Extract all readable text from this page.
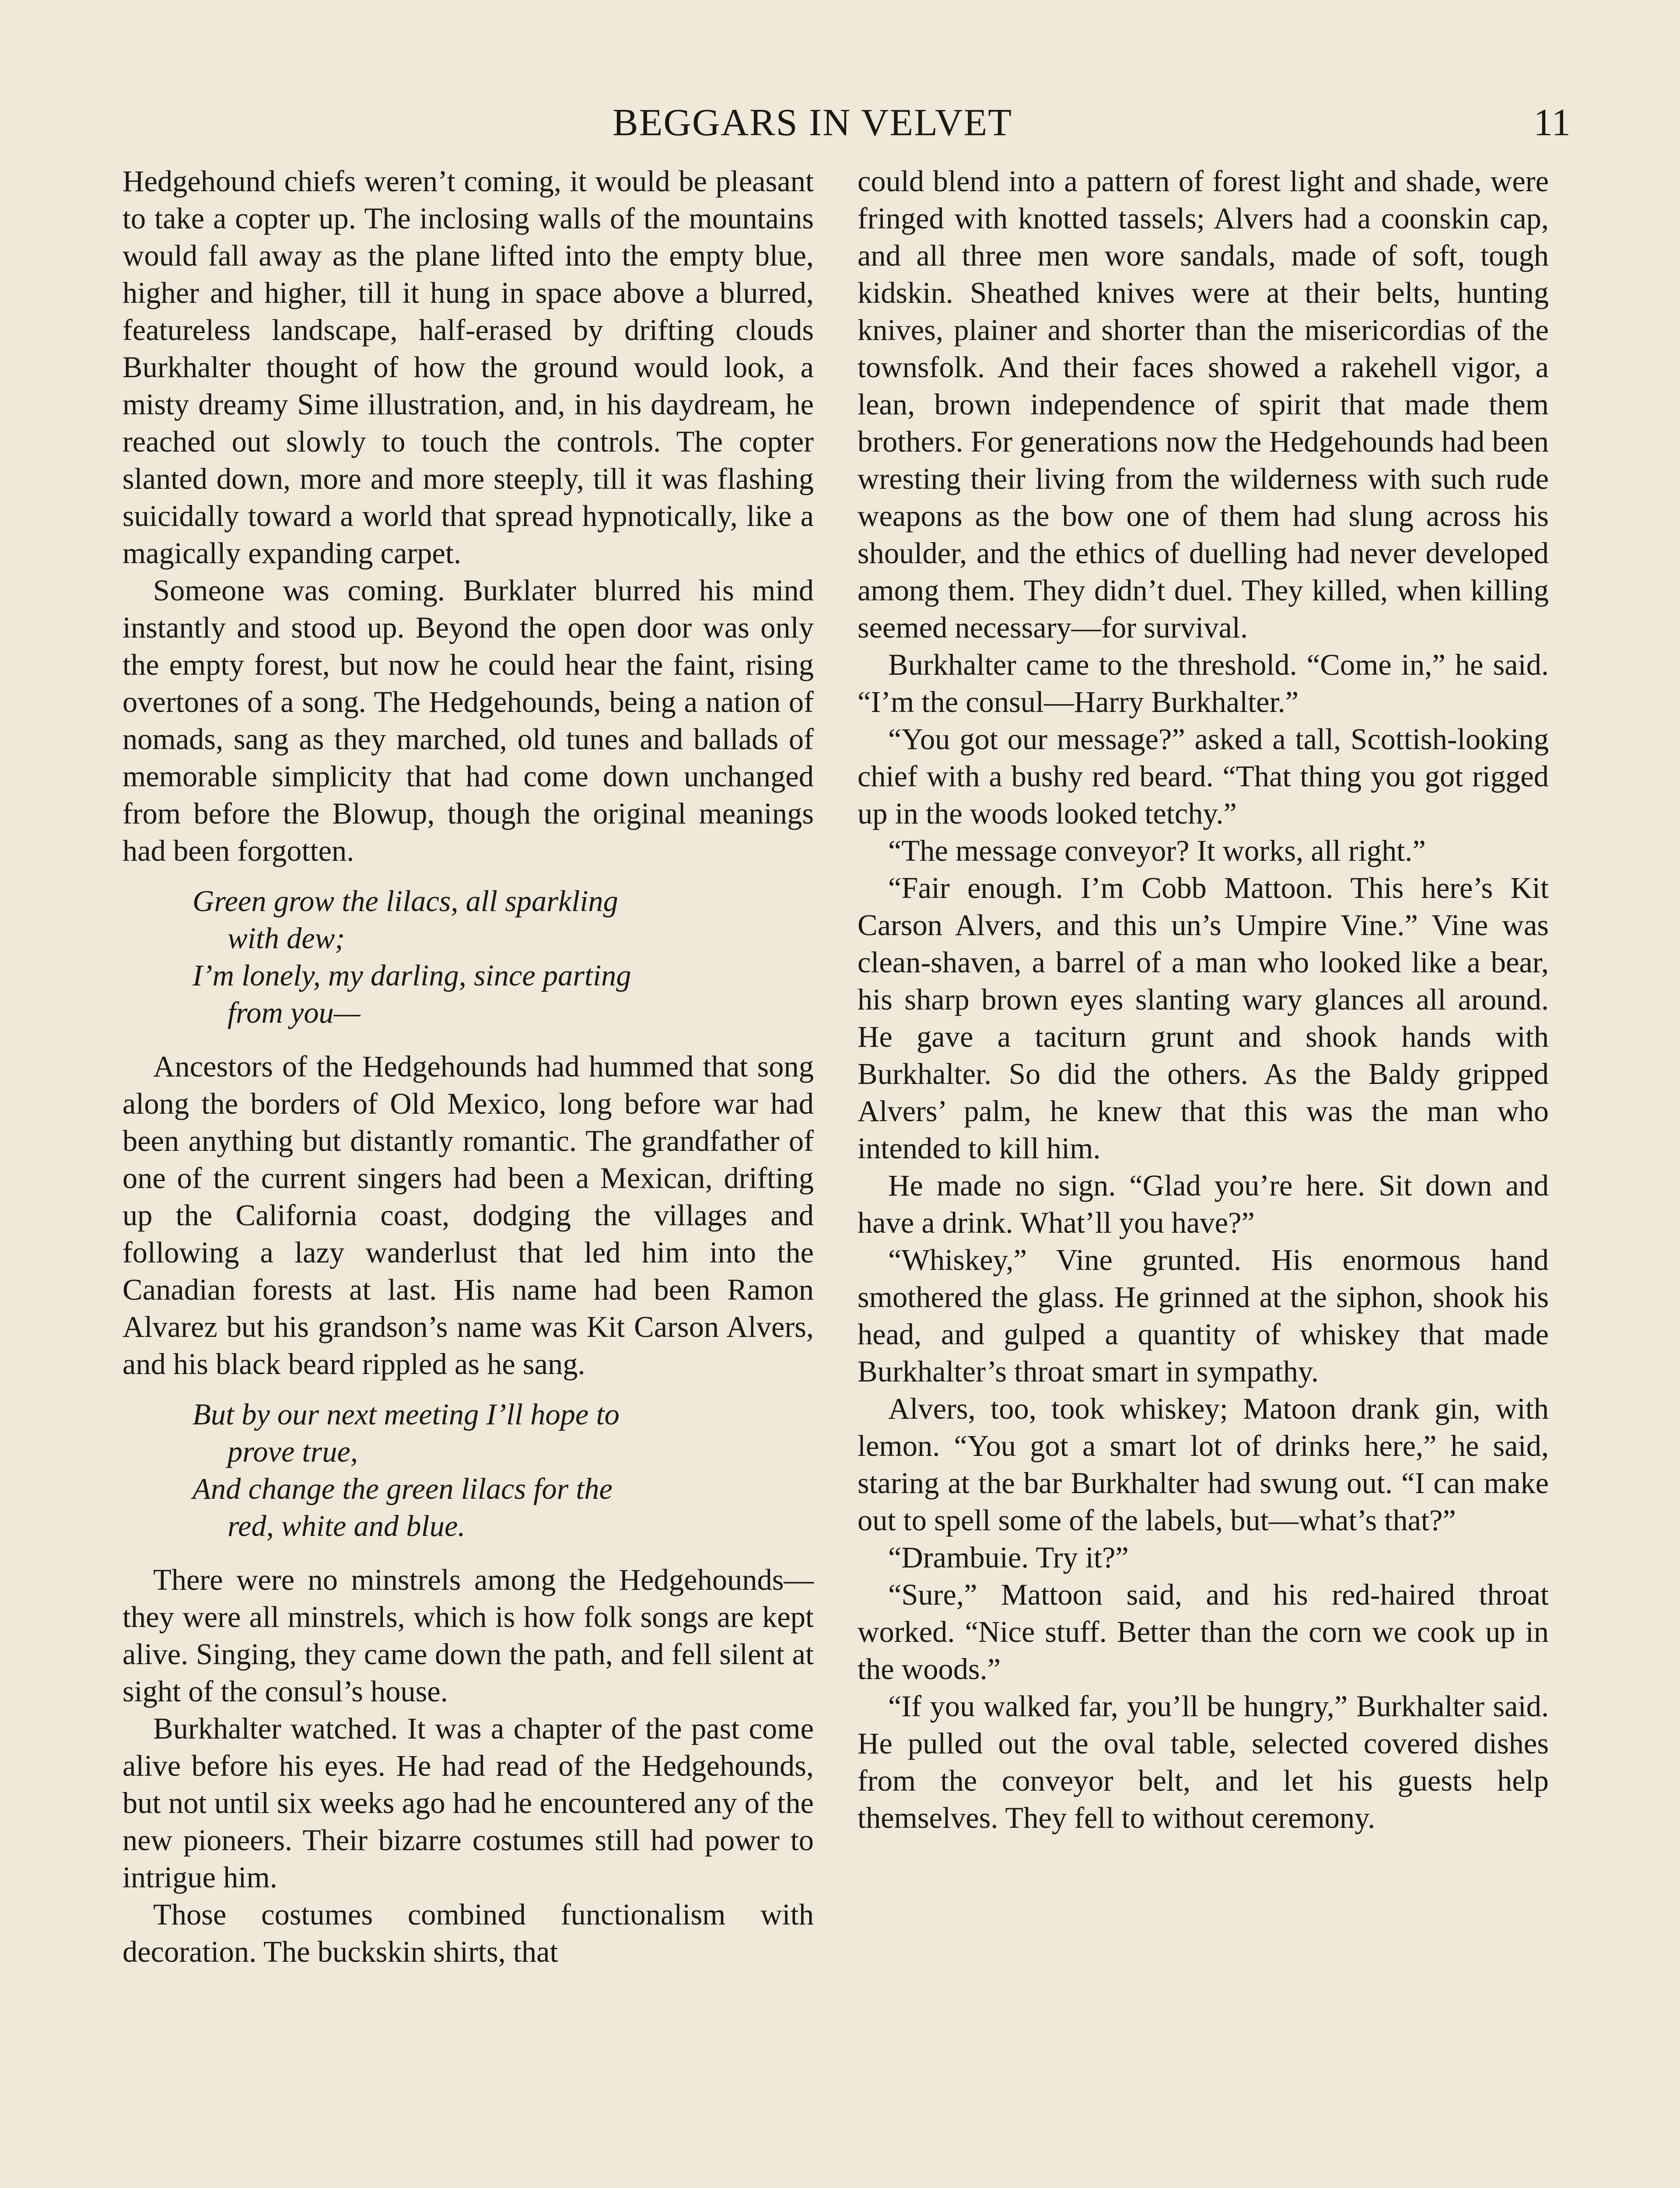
BEGGARS IN VELVET	11

Hedgehound chiefs weren’t coming, it would be pleasant to take a copter up. The inclosing walls of the mountains would fall away as the plane lifted into the empty blue, higher and higher, till it hung in space above a blurred, featureless landscape, half-erased by drifting clouds Burkhalter thought of how the ground would look, a misty dreamy Sime illustration, and, in his daydream, he reached out slowly to touch the controls. The copter slanted down, more and more steeply, till it was flashing suicidally toward a world that spread hypnotically, like a magically expanding carpet.

Someone was coming. Burklater blurred his mind instantly and stood up. Beyond the open door was only the empty forest, but now he could hear the faint, rising overtones of a song. The Hedgehounds, being a nation of nomads, sang as they marched, old tunes and ballads of memorable simplicity that had come down unchanged from before the Blowup, though the original meanings had been forgotten.

Green grow the lilacs, all sparkling
with dew;
I’m lonely, my darling, since parting
from you—

Ancestors of the Hedgehounds had hummed that song along the borders of Old Mexico, long before war had been anything but distantly romantic. The grandfather of one of the current singers had been a Mexican, drifting up the California coast, dodging the villages and following a lazy wanderlust that led him into the Canadian forests at last. His name had been Ramon Alvarez but his grandson’s name was Kit Carson Alvers, and his black beard rippled as he sang.

But by our next meeting I’ll hope to
prove true,
And change the green lilacs for the
red, white and blue.

There were no minstrels among the Hedgehounds—they were all minstrels, which is how folk songs are kept alive. Singing, they came down the path, and fell silent at sight of the consul’s house.

Burkhalter watched. It was a chapter of the past come alive before his eyes. He had read of the Hedgehounds, but not until six weeks ago had he encountered any of the new pioneers. Their bizarre costumes still had power to intrigue him.

Those costumes combined functionalism with decoration. The buckskin shirts, that

could blend into a pattern of forest light and shade, were fringed with knotted tassels; Alvers had a coonskin cap, and all three men wore sandals, made of soft, tough kidskin. Sheathed knives were at their belts, hunting knives, plainer and shorter than the misericordias of the townsfolk. And their faces showed a rakehell vigor, a lean, brown independence of spirit that made them brothers. For generations now the Hedgehounds had been wresting their living from the wilderness with such rude weapons as the bow one of them had slung across his shoulder, and the ethics of duelling had never developed among them. They didn’t duel. They killed, when killing seemed necessary—for survival.

Burkhalter came to the threshold. “Come in,” he said. “I’m the consul—Harry Burkhalter.”

“You got our message?” asked a tall, Scottish-looking chief with a bushy red beard. “That thing you got rigged up in the woods looked tetchy.”

“The message conveyor? It works, all right.”

“Fair enough. I’m Cobb Mattoon. This here’s Kit Carson Alvers, and this un’s Umpire Vine.” Vine was clean-shaven, a barrel of a man who looked like a bear, his sharp brown eyes slanting wary glances all around. He gave a taciturn grunt and shook hands with Burkhalter. So did the others. As the Baldy gripped Alvers’ palm, he knew that this was the man who intended to kill him.

He made no sign. “Glad you’re here. Sit down and have a drink. What’ll you have?”

“Whiskey,” Vine grunted. His enormous hand smothered the glass. He grinned at the siphon, shook his head, and gulped a quantity of whiskey that made Burkhalter’s throat smart in sympathy.

Alvers, too, took whiskey; Matoon drank gin, with lemon. “You got a smart lot of drinks here,” he said, staring at the bar Burkhalter had swung out. “I can make out to spell some of the labels, but—what’s that?”

“Drambuie. Try it?”

“Sure,” Mattoon said, and his red-haired throat worked. “Nice stuff. Better than the corn we cook up in the woods.”

“If you walked far, you’ll be hungry,” Burkhalter said. He pulled out the oval table, selected covered dishes from the conveyor belt, and let his guests help themselves. They fell to without ceremony.
